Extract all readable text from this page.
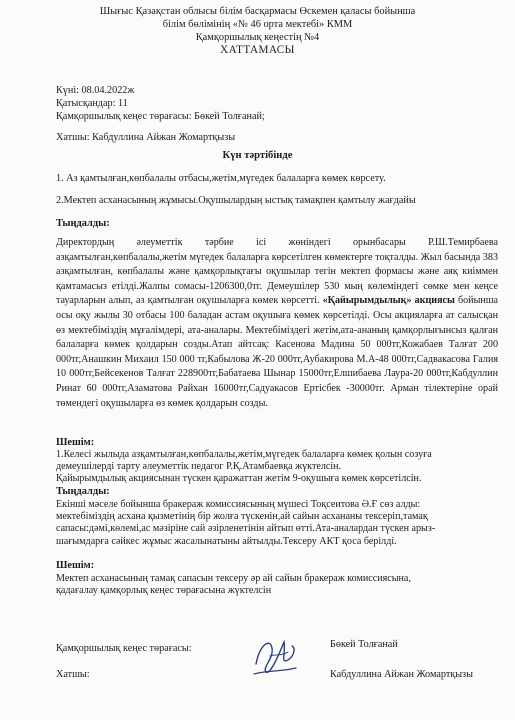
Шығыс Қазақстан облысы білім басқармасы Өскемен қаласы бойынша
білім бөлімінің «№ 46 орта мектебі» КММ
Қамқоршылық кеңестің №4
ХАТТАМАСЫ
Күні: 08.04.2022ж
Қатысқандар: 11
Қамқоршылық кеңес төрағасы: Бөкей Толғанай;
Хатшы: Кабдуллина Айжан Жомартқызы
Күн тәртібінде
1. Аз қамтылған,көпбалалы отбасы,жетім,мүгедек балаларға көмек көрсету.
2.Мектеп асханасының жұмысы.Оқушылардың ыстық тамақпен қамтылу жағдайы
Тыңдалды:
Директордың әлеуметтік тәрбие ісі жөніндегі орынбасары Р.Ш.Темирбаева азқамтылған,көпбалалы,жетім мүгедек балаларға көрсетілген көмектерге тоқталды. Жыл басында 383 азқамтылған, көпбалалы және қамқорлықтағы оқушылар тегін мектеп формасы және аяқ киіммен қамтамасыз етілді.Жалпы сомасы-1206300,0тг. Демеушілер 530 мың көлеміндегі сөмке мен кеңсе тауарларын алып, аз қамтылған оқушыларға көмек көрсетті. «Қайырымдылық» акциясы бойынша осы оқу жылы 30 отбасы 100 баладан астам оқушыға көмек көрсетілді. Осы акцияларға ат салысқан өз мектебіміздің мұғалімдері, ата-аналары. Мектебімiздегi жетім,ата-ананың қамқорлығынсыз қалған балаларға көмек қолдарын созды.Атап айтсақ: Касенова Мадина 50 000тг,Кожабаев Талғат 200 000тг,Анашкин Михаил 150 000 тг,Кабылова Ж-20 000тг,Аубакирова М.А-48 000тг,Садвакасова Галия 10 000тг,Бейсекенов Талғат 228900тг,Бабатаева Шынар 15000тг,Елшибаева Лаура-20 000тг,Кабдуллин Ринат 60 000тг,Азаматова Райхан 16000тг,Садуакасов Ертісбек -30000тг. Арман тілектеріне орай төмендегі оқушыларға өз көмек қолдарын созды.
Шешім:
1.Келесі жылыда азқамтылған,көпбалалы,жетім,мүгедек балаларға көмек қолын созуға
демеушілерді тарту әлеуметтік педагог Р.Қ.Атамбаевқа жүктелсін.
Қайырымдылық акциясынан түскен қаражаттан жетім 9-оқушыға көмек көрсетілсін.
Тыңдалды:
Екінші мәселе бойынша бракераж комиссиясының мүшесі Тоқсеитова Ә.Ғ сөз алды:
мектебіміздің асхана қызметінің бір жолға түскенін,ай сайын асхананы тексеріп,тамақ
сапасы:дәмі,көлемі,ас мәзіріне сай әзірленетінін айтып өтті.Ата-аналардан түскен арыз-
шағымдарға сәйкес жұмыс жасалынатыны айтылды.Тексеру АКТ қоса берілді.
Шешім:
Мектеп асханасының тамақ сапасын тексеру әр ай сайын бракераж комиссиясына,
қадағалау қамқорлық кеңес төрағасына жүктелсін
Қамқоршылық кеңес төрағасы:	Бөкей Толғанай
Хатшы:	Кабдуллина Айжан Жомартқызы
